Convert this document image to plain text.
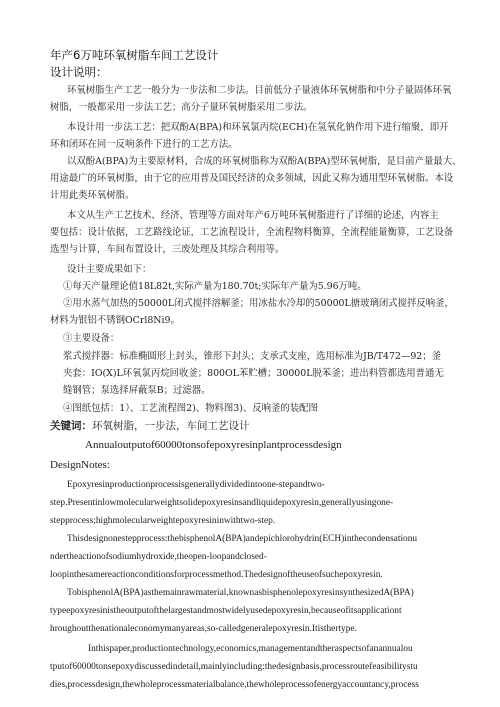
年产6万吨环氧树脂车间工艺设计
设计说明：
环氧树脂生产工艺一般分为一步法和二步法。目前低分子量液体环氧树脂和中分子量固体环氧
树脂，一般都采用一步法工艺；高分子量环氧树脂采用二步法。
本设计用一步法工艺：把双酚A(BPA)和环氧氯丙烷(ECH)在氢氧化钠作用下进行缩聚，即开
环和闭环在同一反响条件下进行的工艺方法。
以双酚A(BPA)为主要原材料，合成的环氧树脂称为双酚A(BPA)型环氧树脂，是目前产量最大、
用途最广的环氧树脂，由于它的应用普及国民经济的众多领域，因此又称为通用型环氧树脂。本设
计用此类环氧树脂。
本文从生产工艺技术、经济、管理等方面对年产6万吨环氧树脂进行了详细的论述，内容主
要包括：设计依据，工艺路线论证，工艺流程设计，全流程物料衡算，全流程能量衡算，工艺设备
选型与计算，车间布置设计，三废处理及其综合利用等。
设计主要成果如下：
①每天产量理论值18L82t,实际产量为180.70t;实际年产量为5.96万吨。
②用水蒸气加热的50000L闭式搅拌溶解釜；用冰盐水冷却的50000L搪玻璃闭式搅拌反响釜，
材料为银铝不锈钢OCrl8Ni9。
③主要设备：
浆式搅拌器：标准椭圆形上封头，锥形下封头；支承式支座，选用标准为JB/T472—92；釜
夹套：IO(X)L环氧氯丙烷回收釜；800OL苯贮槽；30000L脱苯釜；进出料管都选用普通无
缝钢管；泵选择屏蔽泵B；过滤器。
④图纸包括：1）、工艺流程图2)、物料图3)、反响釜的装配图
关键词：环氧树脂，一步法，车间工艺设计
Annualoutputof60000tonsofepoxyresinplantprocessdesign
DesignNotes:
Epoxyresinproductionprocessisgenerallydividedintoone-stepandtwo-
step.Presentinlowmolecularweightsolidepoxyresinsandliquidepoxyresin,generallyusingone-
stepprocess;highmolecularweightepoxyresininwithtwo-step.
Thisdesignonestepprocess:thebisphenolA(BPA)andepichlorohydrin(ECH)inthecondensationu
ndertheactionofsodiumhydroxide,theopen-loopandclosed-
loopinthesamereactionconditionsforprocessmethod.Thedesignoftheuseofsuchepoxyresin.
TobisphenolA(BPA)asthemainrawmaterial,knownasbisphenolepoxyresinsynthesizedA(BPA)
typeepoxyresinistheoutputofthelargestandmostwidelyusedepoxyresin,becauseofitsapplicationt
hroughoutthenationaleconomymanyareas,so-calledgeneralepoxyresin.Itisthertype.
Inthispaper,productiontechnology,economics,managementandtheraspectsofanannualou
tputof60000tonsepoxydiscussedindetail,mainlyincluding:thedesignbasis,processroutefeasibilitystu
dies,processdesign,thewholeprocessmaterialbalance,thewholeprocessofenergyaccountancy,process
